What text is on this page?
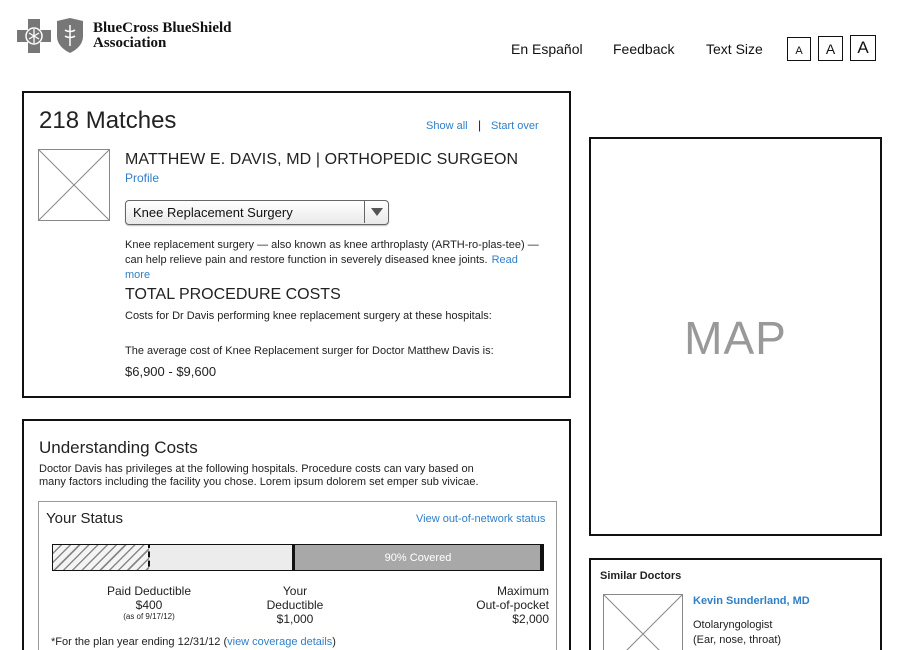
BlueCross BlueShield
Association	En Español Feedback Text Size	A	A	A
218 Matches	Show all | Start over
MATTHEW E. DAVIS, MD | ORTHOPEDIC SURGEON
Profile
Knee Replacement Surgery
Knee replacement surgery — also known as knee arthroplasty (ARTH-ro-plas-tee) — can help relieve pain and restore function in severely diseased knee joints. Read more
TOTAL PROCEDURE COSTS
Costs for Dr Davis performing knee replacement surgery at these hospitals:
The average cost of Knee Replacement surger for Doctor Matthew Davis is:
$6,900 - $9,600
Understanding Costs
Doctor Davis has privileges at the following hospitals. Procedure costs can vary based on many factors including the facility you chose. Lorem ipsum dolorem set emper sub vivicae.
Your Status	View out-of-network status
90% Covered
Paid Deductible
$400
(as of 9/17/12)
Your
Deductible
$1,000
Maximum
Out-of-pocket
$2,000
*For the plan year ending 12/31/12 (view coverage details)
MAP
Similar Doctors
Kevin Sunderland, MD
Otolaryngologist
(Ear, nose, throat)
